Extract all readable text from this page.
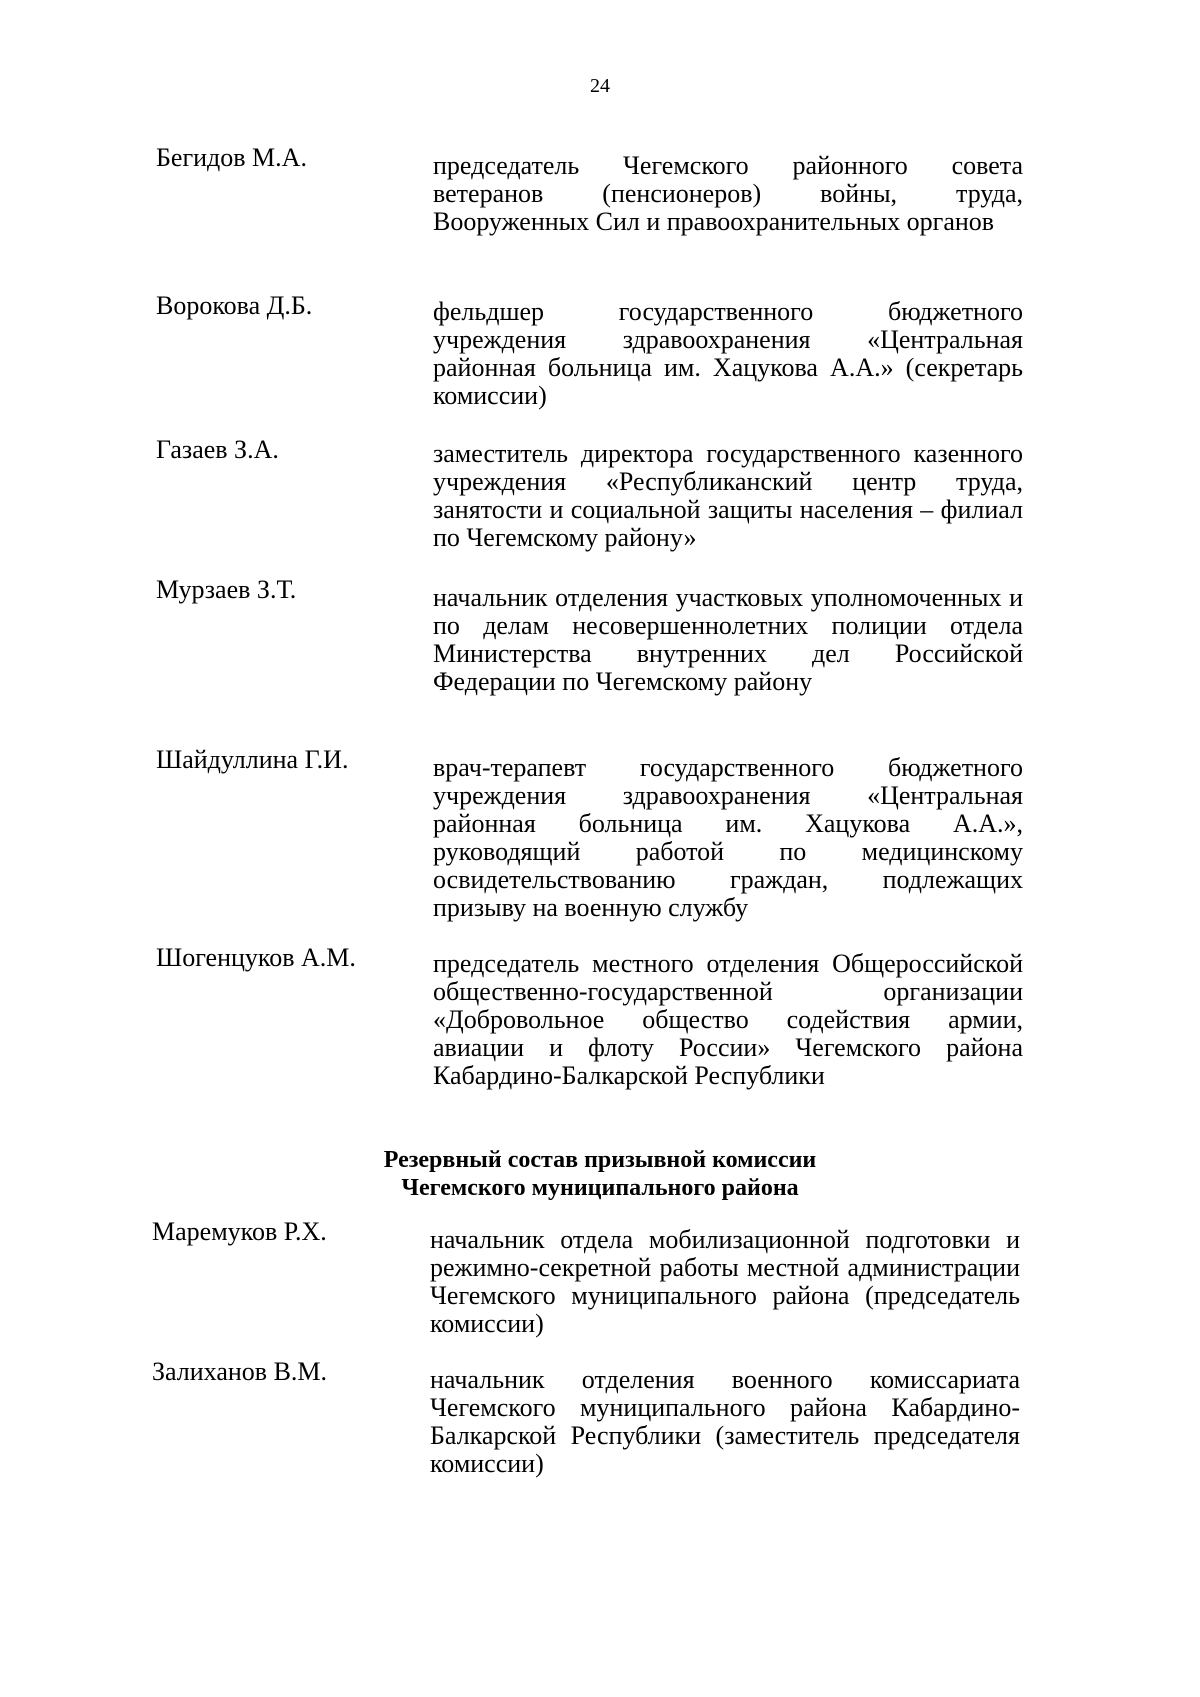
24
Бегидов М.А.	председатель Чегемского районного совета ветеранов (пенсионеров) войны, труда, Вооруженных Сил и правоохранительных органов
Ворокова Д.Б.	фельдшер государственного бюджетного учреждения здравоохранения «Центральная районная больница им. Хацукова А.А.» (секретарь комиссии)
Газаев З.А.	заместитель директора государственного казенного учреждения «Республиканский центр труда, занятости и социальной защиты населения – филиал по Чегемскому району»
Мурзаев З.Т.	начальник отделения участковых уполномоченных и по делам несовершеннолетних полиции отдела Министерства внутренних дел Российской Федерации по Чегемскому району
Шайдуллина Г.И.	врач-терапевт государственного бюджетного учреждения здравоохранения «Центральная районная больница им. Хацукова А.А.», руководящий работой по медицинскому освидетельствованию граждан, подлежащих призыву на военную службу
Шогенцуков А.М.	председатель местного отделения Общероссийской общественно-государственной организации «Добровольное общество содействия армии, авиации и флоту России» Чегемского района Кабардино-Балкарской Республики
Резервный состав призывной комиссии
Чегемского муниципального района
Маремуков Р.Х.	начальник отдела мобилизационной подготовки и режимно-секретной работы местной администрации Чегемского муниципального района (председатель комиссии)
Залиханов В.М.	начальник отделения военного комиссариата Чегемского муниципального района Кабардино-Балкарской Республики (заместитель председателя комиссии)
